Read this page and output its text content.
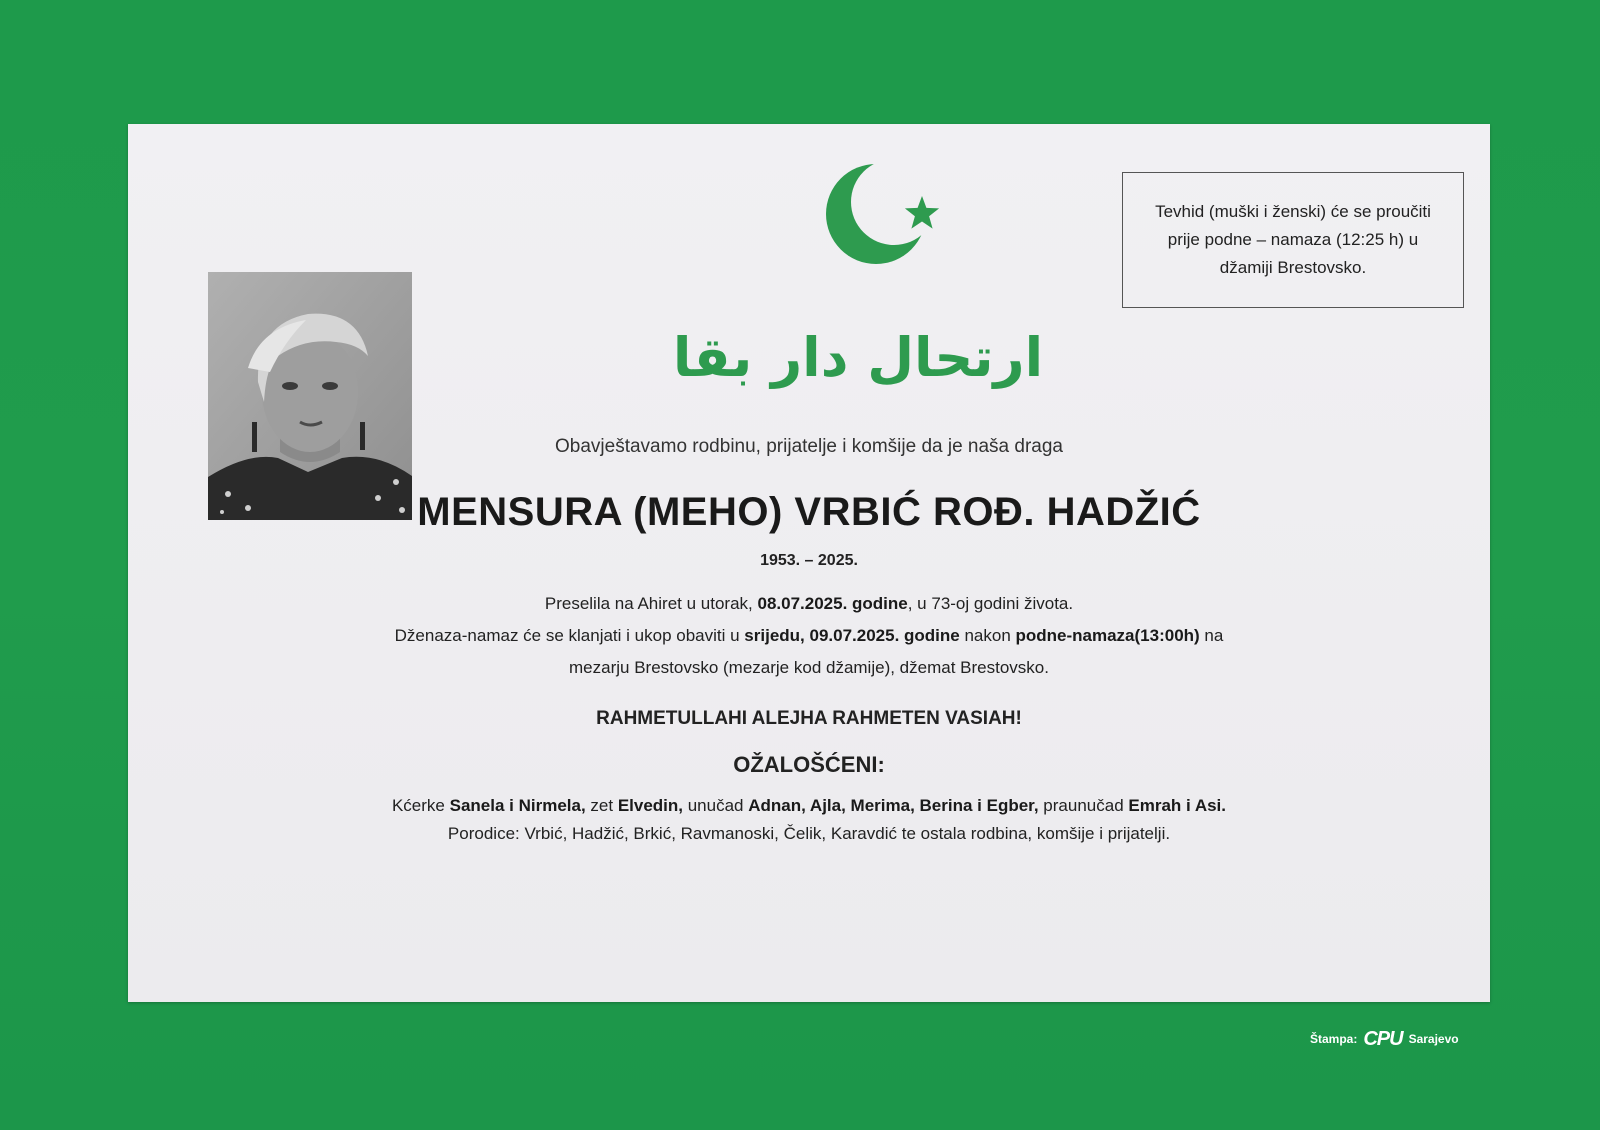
ارتحال دار بقا
Tevhid (muški i ženski) će se proučiti prije podne – namaza (12:25 h) u džamiji Brestovsko.
Obavještavamo rodbinu, prijatelje i komšije da je naša draga
MENSURA (MEHO) VRBIĆ ROĐ. HADŽIĆ
1953. – 2025.
Preselila na Ahiret u utorak, 08.07.2025. godine, u 73-oj godini života.
Dženaza-namaz će se klanjati i ukop obaviti u srijedu, 09.07.2025. godine nakon podne-namaza(13:00h) na
mezarju Brestovsko (mezarje kod džamije), džemat Brestovsko.
RAHMETULLAHI ALEJHA RAHMETEN VASIAH!
OŽALOŠĆENI:
Kćerke Sanela i Nirmela, zet Elvedin, unučad Adnan, Ajla, Merima, Berina i Egber, praunučad Emrah i Asi.
Porodice: Vrbić, Hadžić, Brkić, Ravmanoski, Čelik, Karavdić te ostala rodbina, komšije i prijatelji.
Štampa: CPU Sarajevo
